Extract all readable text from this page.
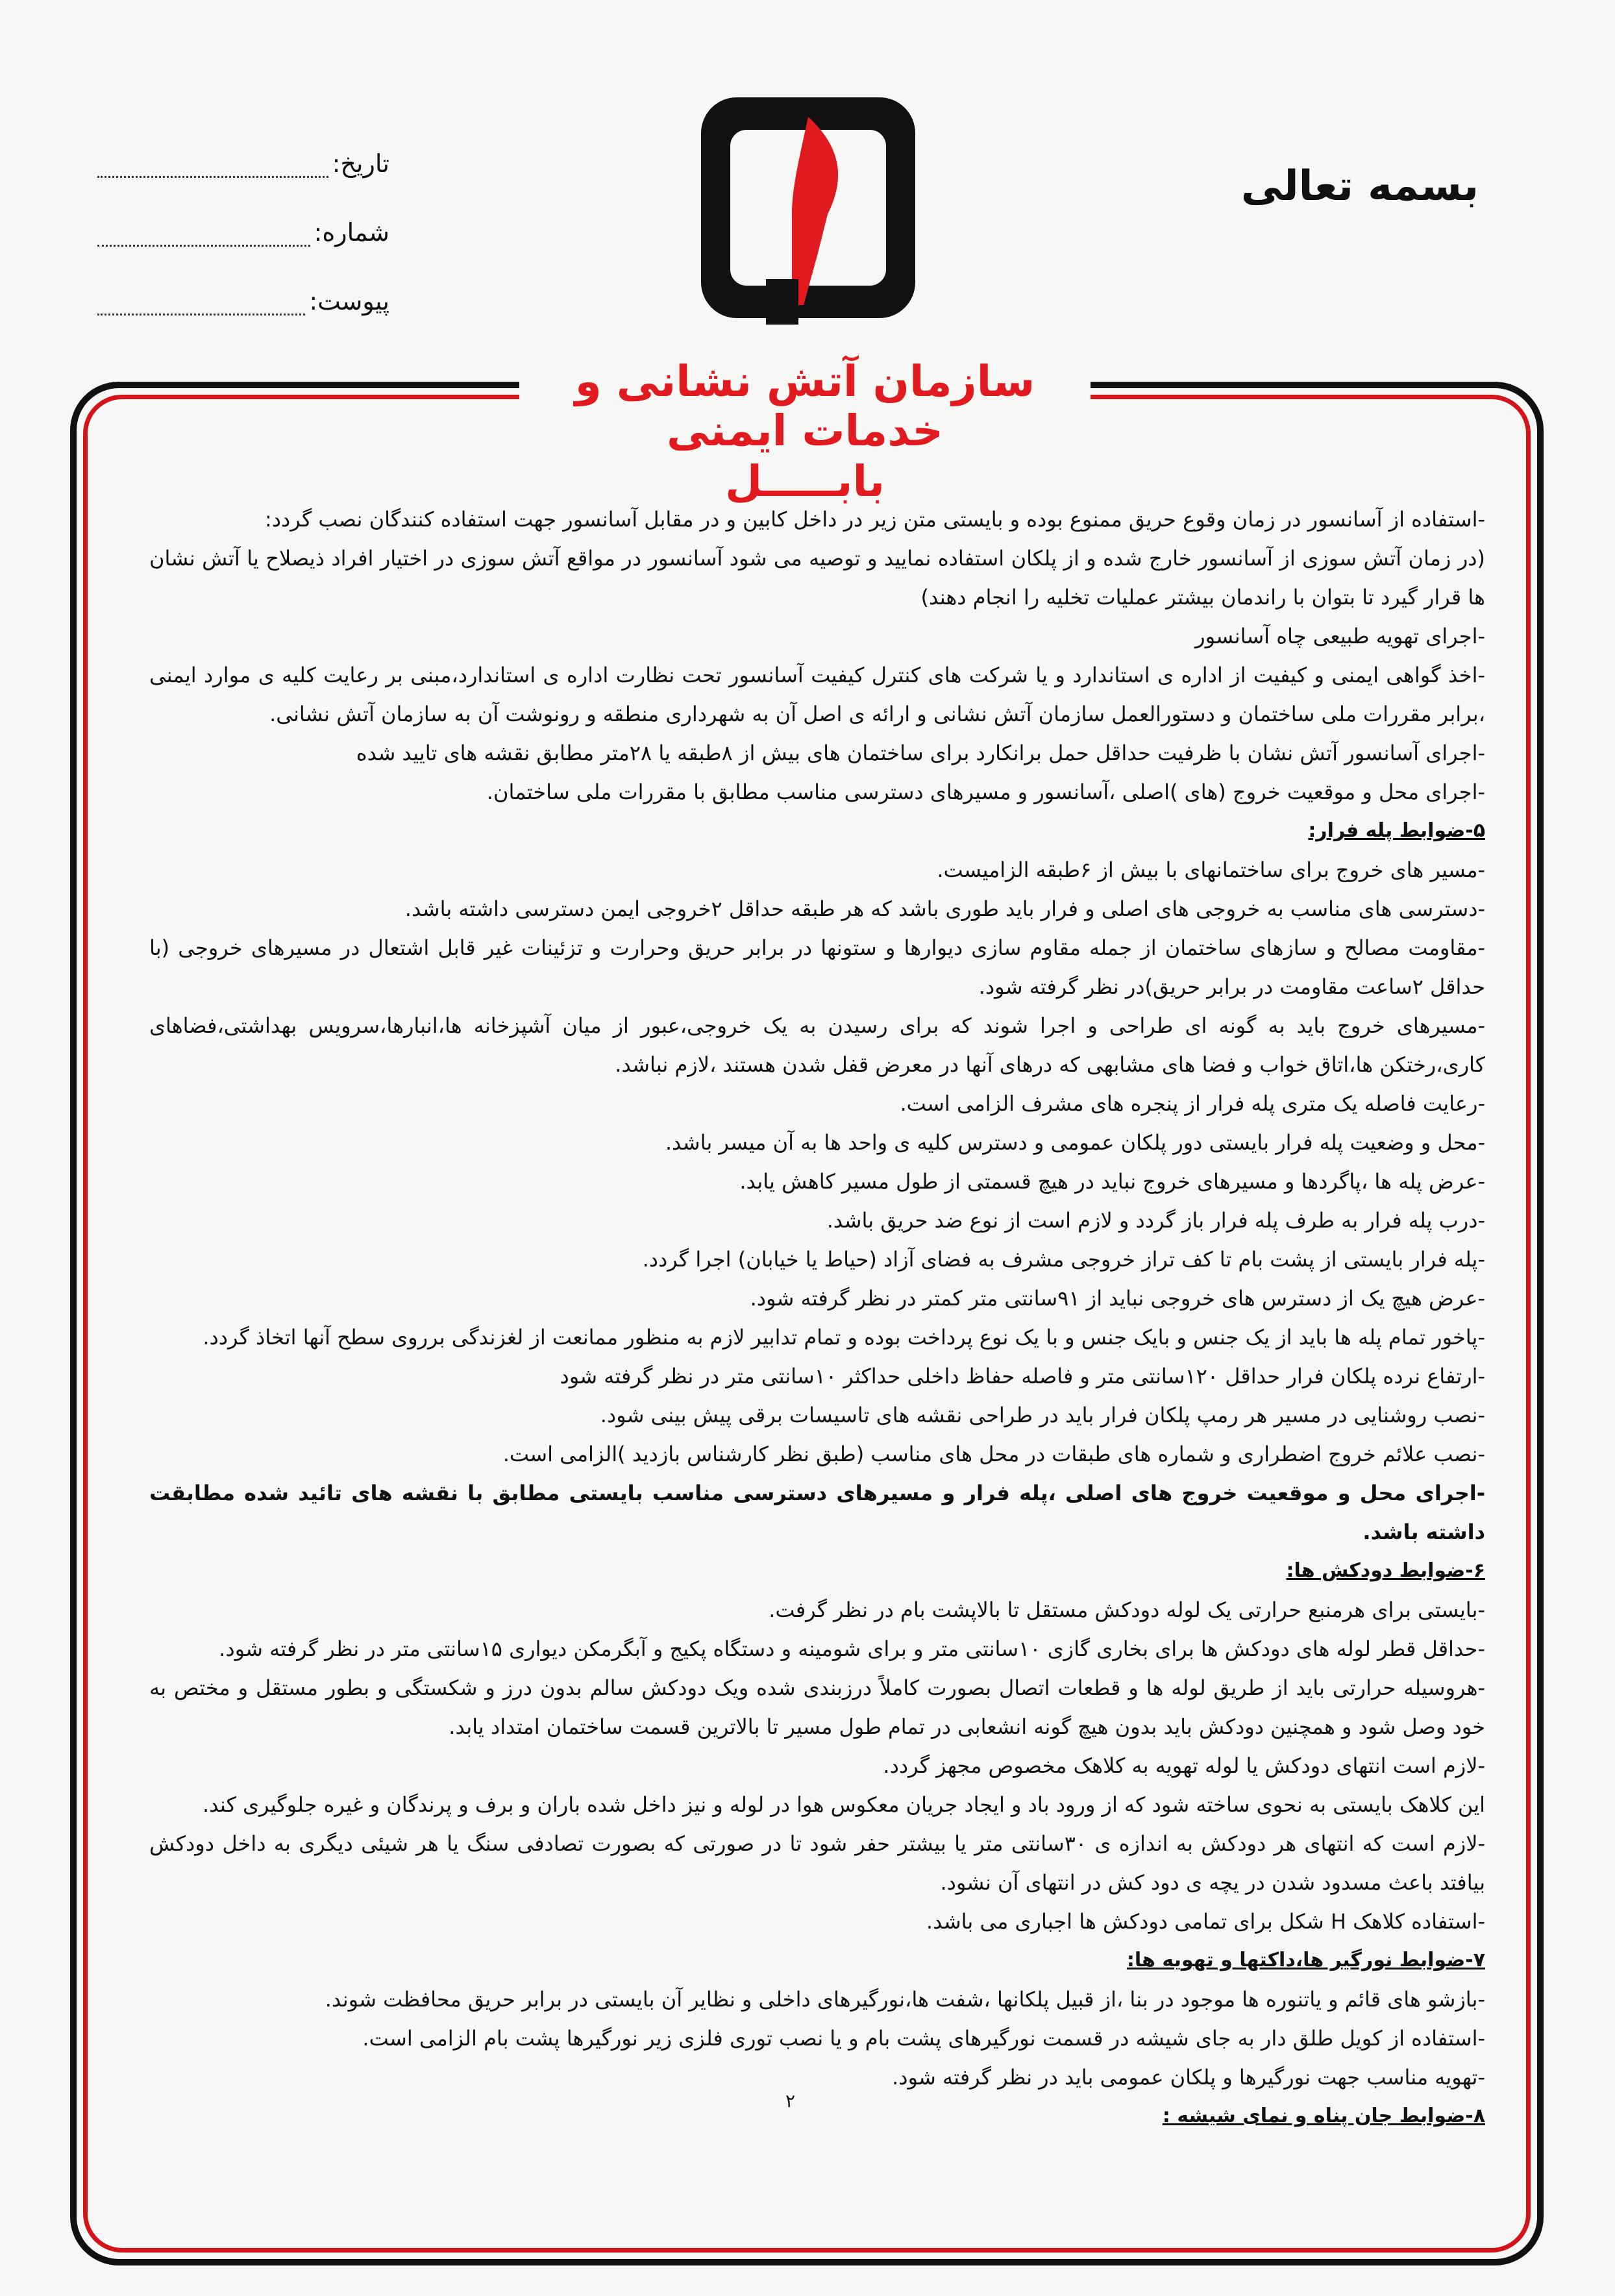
بسمه تعالی
تاریخ:
شماره:
پیوست:
سازمان آتش نشانی و خدمات ایمنی
بابـــــل

-استفاده از آسانسور در زمان وقوع حریق ممنوع بوده و بایستی متن زیر در داخل کابین و در مقابل آسانسور جهت استفاده کنندگان نصب گردد:

(در زمان آتش سوزی از آسانسور خارج شده و از پلکان استفاده نمایید و توصیه می شود آسانسور در مواقع آتش سوزی در اختیار افراد ذیصلاح یا آتش نشان ها قرار گیرد تا بتوان با راندمان بیشتر عملیات تخلیه را انجام دهند)

-اجرای تهویه طبیعی چاه آسانسور

-اخذ گواهی ایمنی و کیفیت از اداره ی استاندارد و یا شرکت های کنترل کیفیت آسانسور تحت نظارت اداره ی استاندارد،مبنی بر رعایت کلیه ی موارد ایمنی ،برابر مقررات ملی ساختمان و دستورالعمل سازمان آتش نشانی و ارائه ی اصل آن به شهرداری منطقه و رونوشت آن به سازمان آتش نشانی.

-اجرای آسانسور آتش نشان با ظرفیت حداقل حمل برانکارد برای ساختمان های بیش از ۸طبقه یا ۲۸متر مطابق نقشه های تایید شده

-اجرای محل و موقعیت خروج (های )اصلی ،آسانسور و مسیرهای دسترسی مناسب مطابق با مقررات ملی ساختمان.

۵-ضوابط پله فرار:

-مسیر های خروج برای ساختمانهای با بیش از ۶طبقه الزامیست.

-دسترسی های مناسب به خروجی های اصلی و فرار باید طوری باشد که هر طبقه حداقل ۲خروجی ایمن دسترسی داشته باشد.

-مقاومت مصالح و سازهای ساختمان از جمله مقاوم سازی دیوارها و ستونها در برابر حریق وحرارت و تزئینات غیر قابل اشتعال در مسیرهای خروجی (با حداقل ۲ساعت مقاومت در برابر حریق)در نظر گرفته شود.

-مسیرهای خروج باید به گونه ای طراحی و اجرا شوند که برای رسیدن به یک خروجی،عبور از میان آشپزخانه ها،انبارها،سرویس بهداشتی،فضاهای کاری،رختکن ها،اتاق خواب و فضا های مشابهی که درهای آنها در معرض قفل شدن هستند ،لازم نباشد.

-رعایت فاصله یک متری پله فرار از پنجره های مشرف الزامی است.

-محل و وضعیت پله فرار بایستی دور پلکان عمومی و دسترس کلیه ی واحد ها به آن میسر باشد.

-عرض پله ها ،پاگردها و مسیرهای خروج نباید در هیچ قسمتی از طول مسیر کاهش یابد.

-درب پله فرار به طرف پله فرار باز گردد و لازم است از نوع ضد حریق باشد.

-پله فرار بایستی از پشت بام تا کف تراز خروجی مشرف به فضای آزاد (حیاط یا خیابان) اجرا گردد.

-عرض هیچ یک از دسترس های خروجی نباید از ۹۱سانتی متر کمتر در نظر گرفته شود.

-پاخور تمام پله ها باید از یک جنس و بایک جنس و با یک نوع پرداخت بوده و تمام تدابیر لازم به منظور ممانعت از لغزندگی برروی سطح آنها اتخاذ گردد.

-ارتفاع نرده پلکان فرار حداقل ۱۲۰سانتی متر و فاصله حفاظ داخلی حداکثر ۱۰سانتی متر در نظر گرفته شود

-نصب روشنایی در مسیر هر رمپ پلکان فرار باید در طراحی نقشه های تاسیسات برقی پیش بینی شود.

-نصب علائم خروج اضطراری و شماره های طبقات در محل های مناسب (طبق نظر کارشناس بازدید )الزامی است.

-اجرای محل و موقعیت خروج های اصلی ،پله فرار و مسیرهای دسترسی مناسب بایستی مطابق با نقشه های تائید شده مطابقت داشته باشد.

۶-ضوابط دودکش ها:

-بایستی برای هرمنبع حرارتی یک لوله دودکش مستقل تا بالاپشت بام در نظر گرفت.

-حداقل قطر لوله های دودکش ها برای بخاری گازی ۱۰سانتی متر و برای شومینه و دستگاه پکیج و آبگرمکن دیواری ۱۵سانتی متر در نظر گرفته شود.

-هروسیله حرارتی باید از طریق لوله ها و قطعات اتصال بصورت کاملاً درزبندی شده ویک دودکش سالم بدون درز و شکستگی و بطور مستقل و مختص به خود وصل شود و همچنین دودکش باید بدون هیچ گونه انشعابی در تمام طول مسیر تا بالاترین قسمت ساختمان امتداد یابد.

-لازم است انتهای دودکش یا لوله تهویه به کلاهک مخصوص مجهز گردد.

این کلاهک بایستی به نحوی ساخته شود که از ورود باد و ایجاد جریان معکوس هوا در لوله و نیز داخل شده باران و برف و پرندگان و غیره جلوگیری کند.

-لازم است که انتهای هر دودکش به اندازه ی ۳۰سانتی متر یا بیشتر حفر شود تا در صورتی که بصورت تصادفی سنگ یا هر شیئی دیگری به داخل دودکش بیافتد باعث مسدود شدن در یچه ی دود کش در انتهای آن نشود.

-استفاده کلاهک H شکل برای تمامی دودکش ها اجباری می باشد.

۷-ضوابط نورگیر ها،داکتها و تهویه ها:

-بازشو های قائم و یاتنوره ها موجود در بنا ،از قبیل پلکانها ،شفت ها،نورگیرهای داخلی و نظایر آن بایستی در برابر حریق محافظت شوند.

-استفاده از کویل طلق دار به جای شیشه در قسمت نورگیرهای پشت بام و یا نصب توری فلزی زیر نورگیرها پشت بام الزامی است.

-تهویه مناسب جهت نورگیرها و پلکان عمومی باید در نظر گرفته شود.

۸-ضوابط جان پناه و نمای شیشه :

۲
